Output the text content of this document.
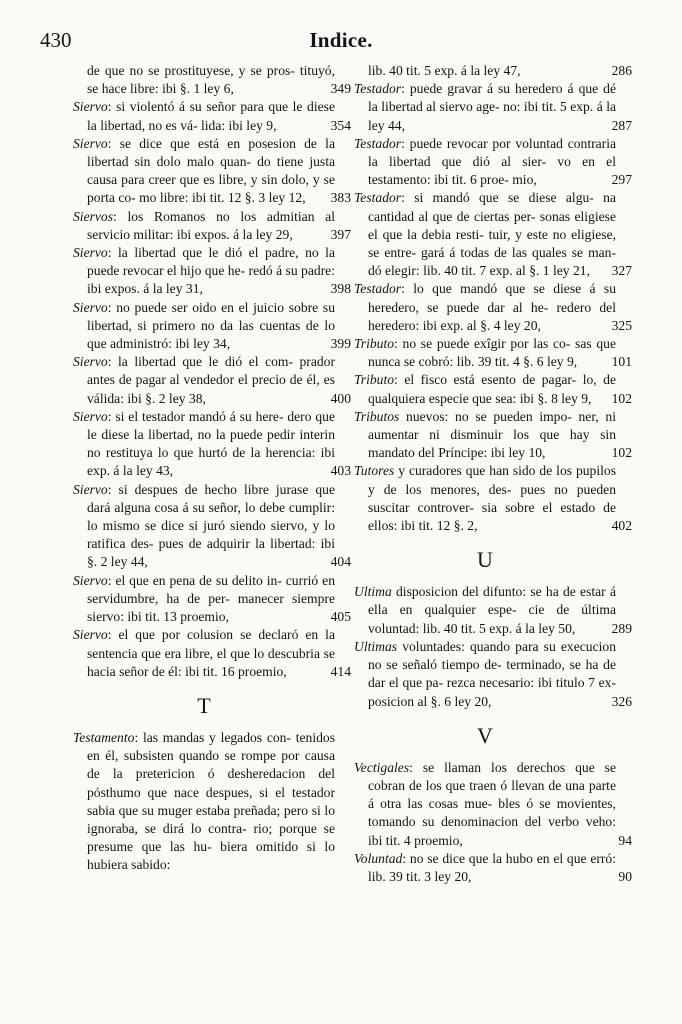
430	Indice.

de que no se prostituyese, y se pros- tituyó, se hace libre: ibi §. 1 ley 6,	349

Siervo: si violentó á su señor para que le diese la libertad, no es vá- lida: ibi ley 9,	354

Siervo: se dice que está en posesion de la libertad sin dolo malo quan- do tiene justa causa para creer que es libre, y sin dolo, y se porta co- mo libre: ibi tit. 12 §. 3 ley 12, 383

Siervos: los Romanos no los admitian al servicio militar: ibi expos. á la ley 29,	397

Siervo: la libertad que le dió el padre, no la puede revocar el hijo que he- redó á su padre: ibi expos. á la ley 31,	398

Siervo: no puede ser oido en el juicio sobre su libertad, si primero no da las cuentas de lo que administró: ibi ley 34,	399

Siervo: la libertad que le dió el com- prador antes de pagar al vendedor el precio de él, es válida: ibi §. 2 ley 38,	400

Siervo: si el testador mandó á su here- dero que le diese la libertad, no la puede pedir interin no restituya lo que hurtó de la herencia: ibi exp. á la ley 43,	403

Siervo: si despues de hecho libre jurase que dará alguna cosa á su señor, lo debe cumplir: lo mismo se dice si juró siendo siervo, y lo ratifica des- pues de adquirir la libertad: ibi §. 2 ley 44,	404

Siervo: el que en pena de su delito in- currió en servidumbre, ha de per- manecer siempre siervo: ibi tit. 13 proemio,	405

Siervo: el que por colusion se declaró en la sentencia que era libre, el que lo descubria se hacia señor de él: ibi tit. 16 proemio,	414

T

Testamento: las mandas y legados con- tenidos en él, subsisten quando se rompe por causa de la pretericion ó desheredacion del pósthumo que nace despues, si el testador sabia que su muger estaba preñada; pero si lo ignoraba, se dirá lo contra- rio; porque se presume que las hu- biera omitido si lo hubiera sabido:

lib. 40 tit. 5 exp. á la ley 47,	286

Testador: puede gravar á su heredero á que dé la libertad al siervo age- no: ibi tit. 5 exp. á la ley 44,	287

Testador: puede revocar por voluntad contraria la libertad que dió al sier- vo en el testamento: ibi tit. 6 proe- mio,	297

Testador: si mandó que se diese algu- na cantidad al que de ciertas per- sonas eligiese el que la debia resti- tuir, y este no eligiese, se entre- gará á todas de las quales se man- dó elegir: lib. 40 tit. 7 exp. al §. 1 ley 21, 327

Testador: lo que mandó que se diese á su heredero, se puede dar al he- redero del heredero: ibi exp. al §. 4 ley 20,	325

Tributo: no se puede exîgir por las co- sas que nunca se cobró: lib. 39 tit. 4 §. 6 ley 9,	101

Tributo: el fisco está esento de pagar- lo, de qualquiera especie que sea: ibi §. 8 ley 9, 102

Tributos nuevos: no se pueden impo- ner, ni aumentar ni disminuir los que hay sin mandato del Príncipe: ibi ley 10,	102

Tutores y curadores que han sido de los pupilos y de los menores, des- pues no pueden suscitar controver- sia sobre el estado de ellos: ibi tit. 12 §. 2,	402

U

Ultima disposicion del difunto: se ha de estar á ella en qualquier espe- cie de última voluntad: lib. 40 tit. 5 exp. á la ley 50,	289

Ultimas voluntades: quando para su execucion no se señaló tiempo de- terminado, se ha de dar el que pa- rezca necesario: ibi titulo 7 ex- posicion al §. 6 ley 20,	326

V

Vectigales: se llaman los derechos que se cobran de los que traen ó llevan de una parte á otra las cosas mue- bles ó se movientes, tomando su denominacion del verbo veho: ibi tit. 4 proemio,	94

Voluntad: no se dice que la hubo en el que erró: lib. 39 tit. 3 ley 20,	90
